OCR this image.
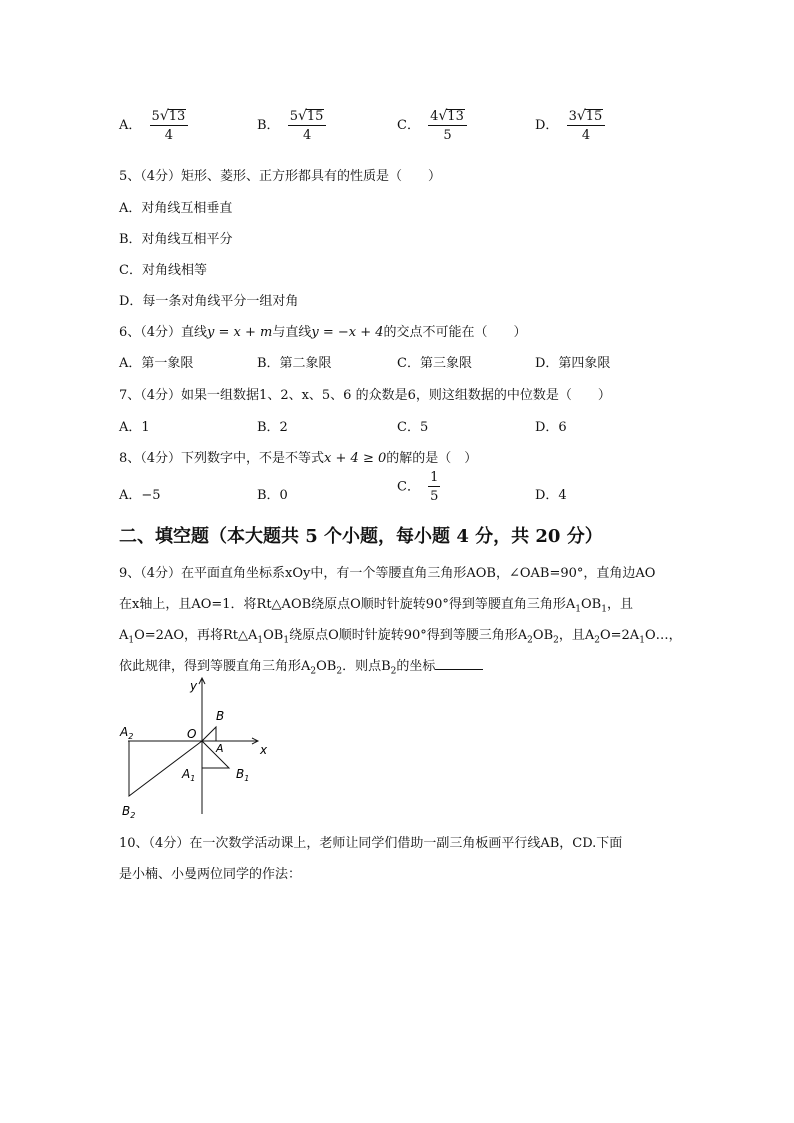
A． $\frac{5 √ 13}{4}$	B． $\frac{5 √ 15}{4}$	C． $\frac{4 √ 13}{5}$	D． $\frac{3 √ 15}{4}$
5、（4分）矩形、菱形、正方形都具有的性质是（　　）
A．对角线互相垂直
B．对角线互相平分
C．对角线相等
D．每一条对角线平分一组对角
6、（4分）直线y = x + m与直线y = −x + 4的交点不可能在（　　）
A．第一象限	B．第二象限	C．第三象限	D．第四象限
7、（4分）如果一组数据1、2、x、5、6 的众数是6，则这组数据的中位数是（　　）
A．1	B．2	C．5	D．6
8、（4分）下列数字中，不是不等式x + 4 ≥ 0的解的是（　）
A．−5	B．0
C． $\frac{1}{5}$	D．4
二、填空题（本大题共 5 个小题，每小题 4 分，共 20 分）
9、（4分）在平面直角坐标系xOy中，有一个等腰直角三角形AOB，∠OAB=90°，直角边AO
在x轴上，且AO=1．将Rt△AOB绕原点O顺时针旋转90°得到等腰直角三角形$A_1OB_1$，且
$A_1O=2AO$，再将$Rt\triangle A_1OB_1$绕原点O顺时针旋转90°得到等腰三角形$A_2OB_2$，且$A_2O=2A_1O\dots$，
依此规律，得到等腰直角三角形$A_2OB_2$．则点$B_2$的坐标
y
x
B
O
A
$A_2$
$A_1$	$B_1$
$B_2$
10、（4分）在一次数学活动课上，老师让同学们借助一副三角板画平行线AB，CD.下面
是小楠、小曼两位同学的作法：
